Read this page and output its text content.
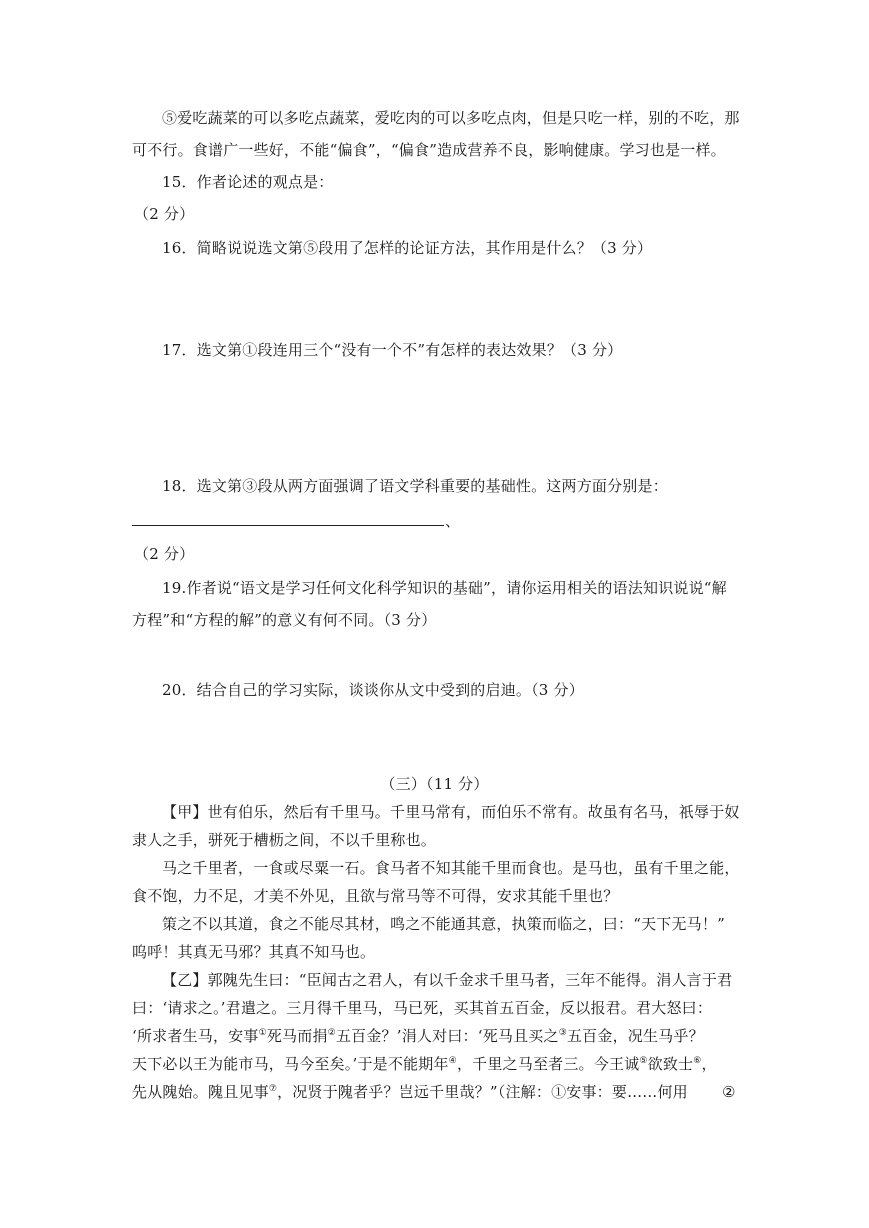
⑤爱吃蔬菜的可以多吃点蔬菜，爱吃肉的可以多吃点肉，但是只吃一样，别的不吃，那
可不行。食谱广一些好，不能“偏食”，“偏食”造成营养不良，影响健康。学习也是一样。
15．作者论述的观点是：
（2 分）
16．简略说说选文第⑤段用了怎样的论证方法，其作用是什么？（3 分）
17．选文第①段连用三个“没有一个不”有怎样的表达效果？（3 分）
18．选文第③段从两方面强调了语文学科重要的基础性。这两方面分别是：
、
（2 分）
19.作者说“语文是学习任何文化科学知识的基础”，请你运用相关的语法知识说说“解
方程”和“方程的解”的意义有何不同。（3 分）
20．结合自己的学习实际，谈谈你从文中受到的启迪。（3 分）
（三）（11 分）
【甲】世有伯乐，然后有千里马。千里马常有，而伯乐不常有。故虽有名马，祇辱于奴
隶人之手，骈死于槽枥之间，不以千里称也。
马之千里者，一食或尽粟一石。食马者不知其能千里而食也。是马也，虽有千里之能，
食不饱，力不足，才美不外见，且欲与常马等不可得，安求其能千里也？
策之不以其道，食之不能尽其材，鸣之不能通其意，执策而临之，曰：“天下无马！”
呜呼！其真无马邪？其真不知马也。
【乙】郭隗先生曰：“臣闻古之君人，有以千金求千里马者，三年不能得。涓人言于君
曰：‘请求之。’君遣之。三月得千里马，马已死，买其首五百金，反以报君。君大怒曰：
‘所求者生马，安事①死马而捐②五百金？’涓人对曰：‘死马且买之③五百金，况生马乎？
天下必以王为能市马，马今至矣。’于是不能期年④，千里之马至者三。今王诚⑤欲致士⑥，
先从隗始。隗且见事⑦，况贤于隗者乎？岂远千里哉？”（注解：①安事：要……何用 ②
